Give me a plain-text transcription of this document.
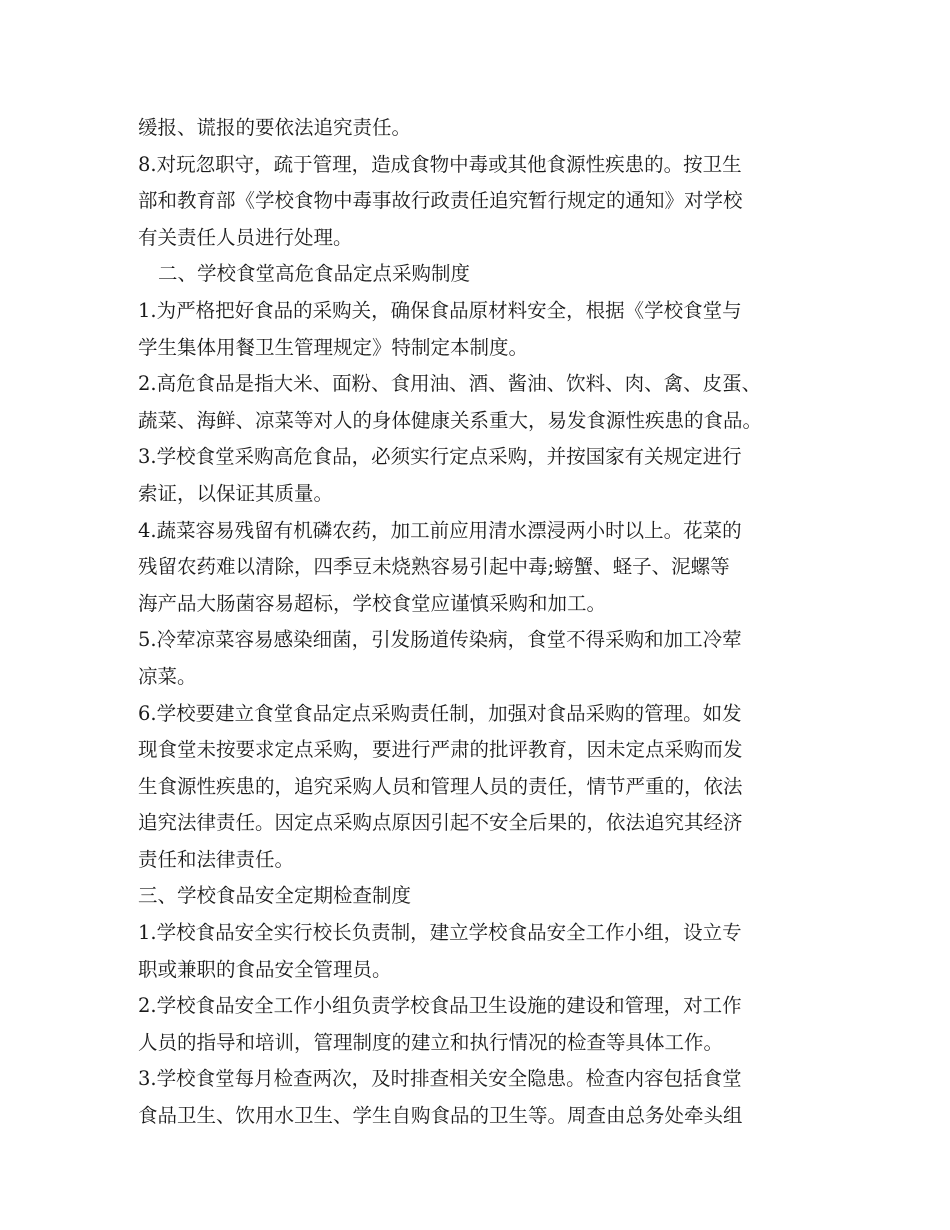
缓报、谎报的要依法追究责任。
8.对玩忽职守，疏于管理，造成食物中毒或其他食源性疾患的。按卫生
部和教育部《学校食物中毒事故行政责任追究暂行规定的通知》对学校
有关责任人员进行处理。
二、学校食堂高危食品定点采购制度
1.为严格把好食品的采购关，确保食品原材料安全，根据《学校食堂与
学生集体用餐卫生管理规定》特制定本制度。
2.高危食品是指大米、面粉、食用油、酒、酱油、饮料、肉、禽、皮蛋、
蔬菜、海鲜、凉菜等对人的身体健康关系重大，易发食源性疾患的食品。
3.学校食堂采购高危食品，必须实行定点采购，并按国家有关规定进行
索证，以保证其质量。
4.蔬菜容易残留有机磷农药，加工前应用清水漂浸两小时以上。花菜的
残留农药难以清除，四季豆未烧熟容易引起中毒;螃蟹、蛏子、泥螺等
海产品大肠菌容易超标，学校食堂应谨慎采购和加工。
5.冷荤凉菜容易感染细菌，引发肠道传染病，食堂不得采购和加工冷荤
凉菜。
6.学校要建立食堂食品定点采购责任制，加强对食品采购的管理。如发
现食堂未按要求定点采购，要进行严肃的批评教育，因未定点采购而发
生食源性疾患的，追究采购人员和管理人员的责任，情节严重的，依法
追究法律责任。因定点采购点原因引起不安全后果的，依法追究其经济
责任和法律责任。
三、学校食品安全定期检查制度
1.学校食品安全实行校长负责制，建立学校食品安全工作小组，设立专
职或兼职的食品安全管理员。
2.学校食品安全工作小组负责学校食品卫生设施的建设和管理，对工作
人员的指导和培训，管理制度的建立和执行情况的检查等具体工作。
3.学校食堂每月检查两次，及时排查相关安全隐患。检查内容包括食堂
食品卫生、饮用水卫生、学生自购食品的卫生等。周查由总务处牵头组
